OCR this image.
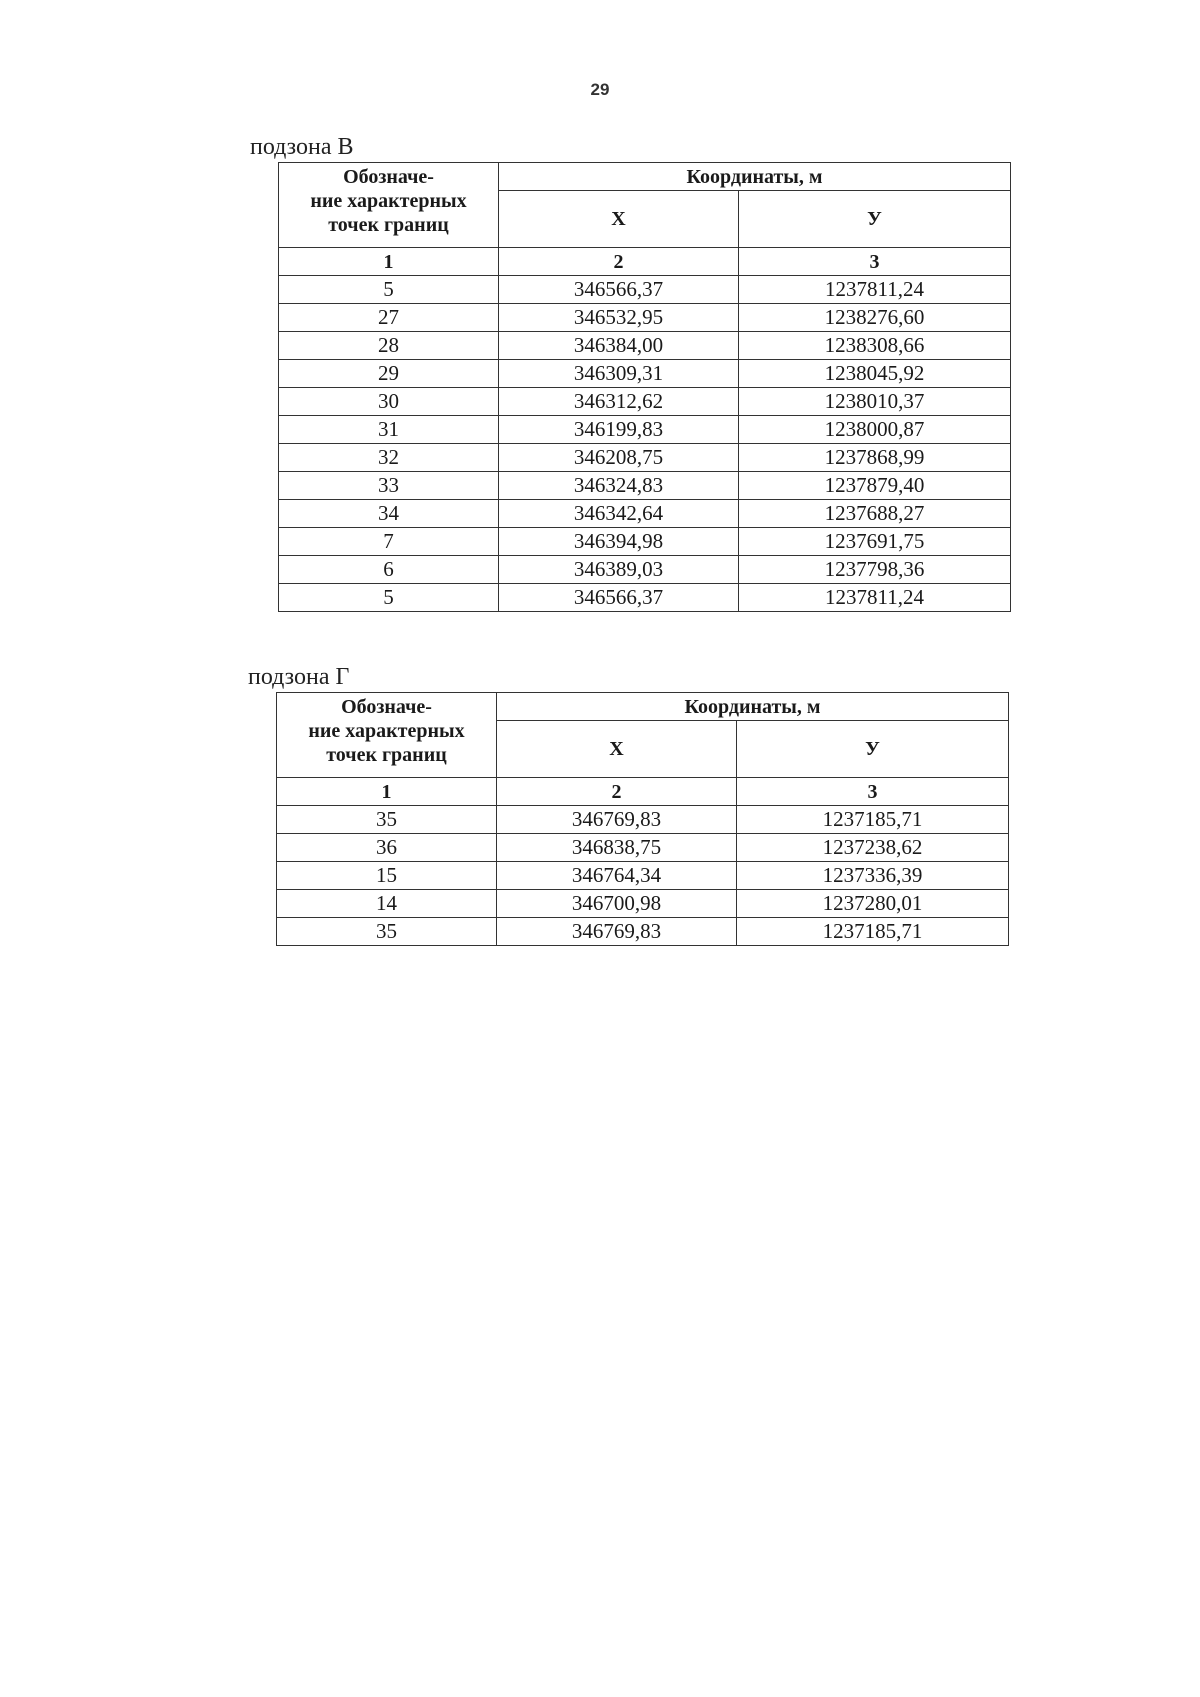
29
подзона В
Обозначе-
ние характерных
точек границ	Координаты, м	
	Х	У
1	2	3
5	346566,37	1237811,24
27	346532,95	1238276,60
28	346384,00	1238308,66
29	346309,31	1238045,92
30	346312,62	1238010,37
31	346199,83	1238000,87
32	346208,75	1237868,99
33	346324,83	1237879,40
34	346342,64	1237688,27
7	346394,98	1237691,75
6	346389,03	1237798,36
5	346566,37	1237811,24
подзона Г
Обозначе-
ние характерных
точек границ	Координаты, м	
	Х	У
1	2	3
35	346769,83	1237185,71
36	346838,75	1237238,62
15	346764,34	1237336,39
14	346700,98	1237280,01
35	346769,83	1237185,71
